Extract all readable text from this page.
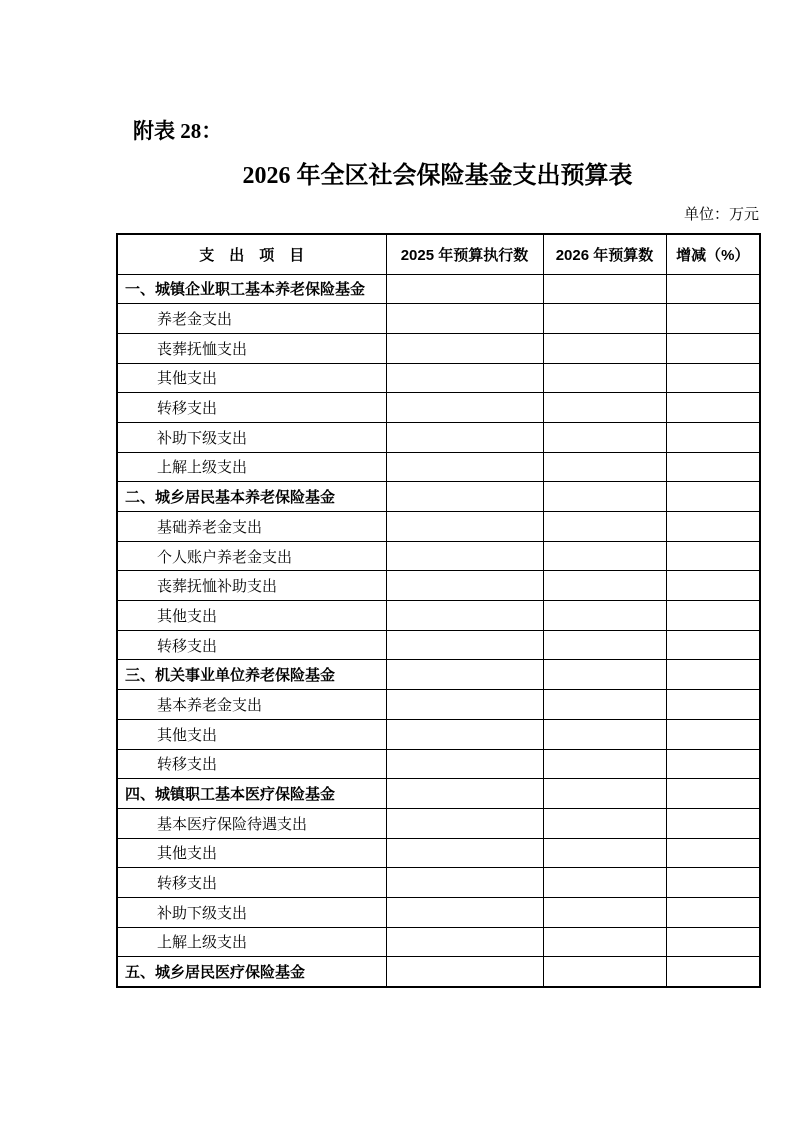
附表 28：
2026 年全区社会保险基金支出预算表
单位：万元
支　出　项　目	2025 年预算执行数	2026 年预算数	增减（%）
一、城镇企业职工基本养老保险基金			
养老金支出			
丧葬抚恤支出			
其他支出			
转移支出			
补助下级支出			
上解上级支出			
二、城乡居民基本养老保险基金			
基础养老金支出			
个人账户养老金支出			
丧葬抚恤补助支出			
其他支出			
转移支出			
三、机关事业单位养老保险基金			
基本养老金支出			
其他支出			
转移支出			
四、城镇职工基本医疗保险基金			
基本医疗保险待遇支出			
其他支出			
转移支出			
补助下级支出			
上解上级支出			
五、城乡居民医疗保险基金			
